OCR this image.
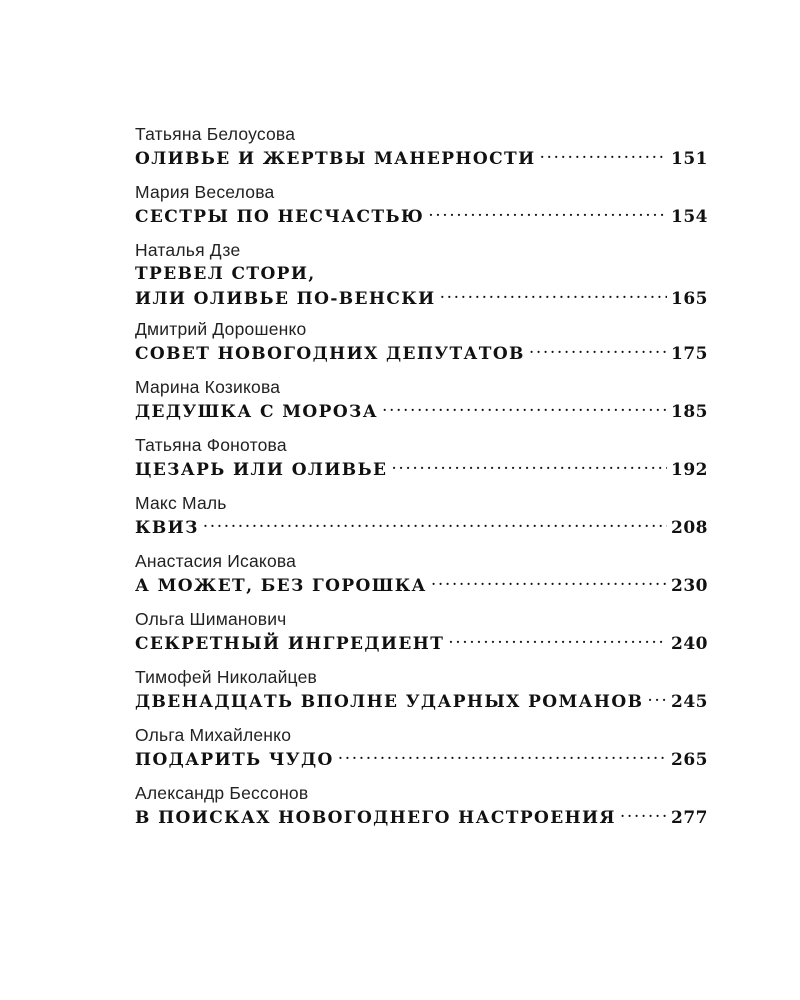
Татьяна Белоусова
ОЛИВЬЕ И ЖЕРТВЫ МАНЕРНОСТИ .....	151
Мария Веселова
СЕСТРЫ ПО НЕСЧАСТЬЮ .....	154
Наталья Дзе
ТРЕВЕЛ СТОРИ,
ИЛИ ОЛИВЬЕ ПО-ВЕНСКИ .....	165
Дмитрий Дорошенко
СОВЕТ НОВОГОДНИХ ДЕПУТАТОВ .....	175
Марина Козикова
ДЕДУШКА С МОРОЗА .....	185
Татьяна Фонотова
ЦЕЗАРЬ ИЛИ ОЛИВЬЕ .....	192
Макс Маль
КВИЗ .....	208
Анастасия Исакова
А МОЖЕТ, БЕЗ ГОРОШКА .....	230
Ольга Шиманович
СЕКРЕТНЫЙ ИНГРЕДИЕНТ .....	240
Тимофей Николайцев
ДВЕНАДЦАТЬ ВПОЛНЕ УДАРНЫХ РОМАНОВ ..... 245
Ольга Михайленко
ПОДАРИТЬ ЧУДО .....	265
Александр Бессонов
В ПОИСКАХ НОВОГОДНЕГО НАСТРОЕНИЯ .....	277
